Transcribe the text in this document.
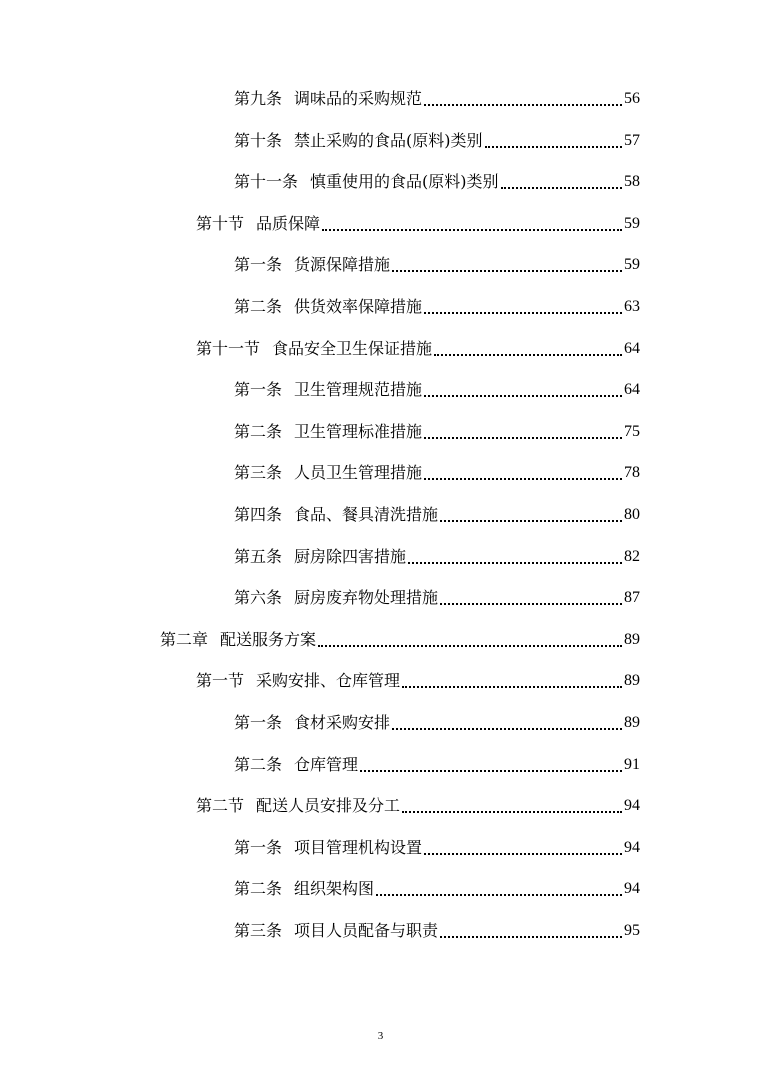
第九条 调味品的采购规范	56
第十条 禁止采购的食品(原料)类别	57
第十一条 慎重使用的食品(原料)类别	58
第十节 品质保障	59
第一条 货源保障措施	59
第二条 供货效率保障措施	63
第十一节 食品安全卫生保证措施	64
第一条 卫生管理规范措施	64
第二条 卫生管理标准措施	75
第三条 人员卫生管理措施	78
第四条 食品、餐具清洗措施	80
第五条 厨房除四害措施	82
第六条 厨房废弃物处理措施	87
第二章 配送服务方案	89
第一节 采购安排、仓库管理	89
第一条 食材采购安排	89
第二条 仓库管理	91
第二节 配送人员安排及分工	94
第一条 项目管理机构设置	94
第二条 组织架构图	94
第三条 项目人员配备与职责	95
3
